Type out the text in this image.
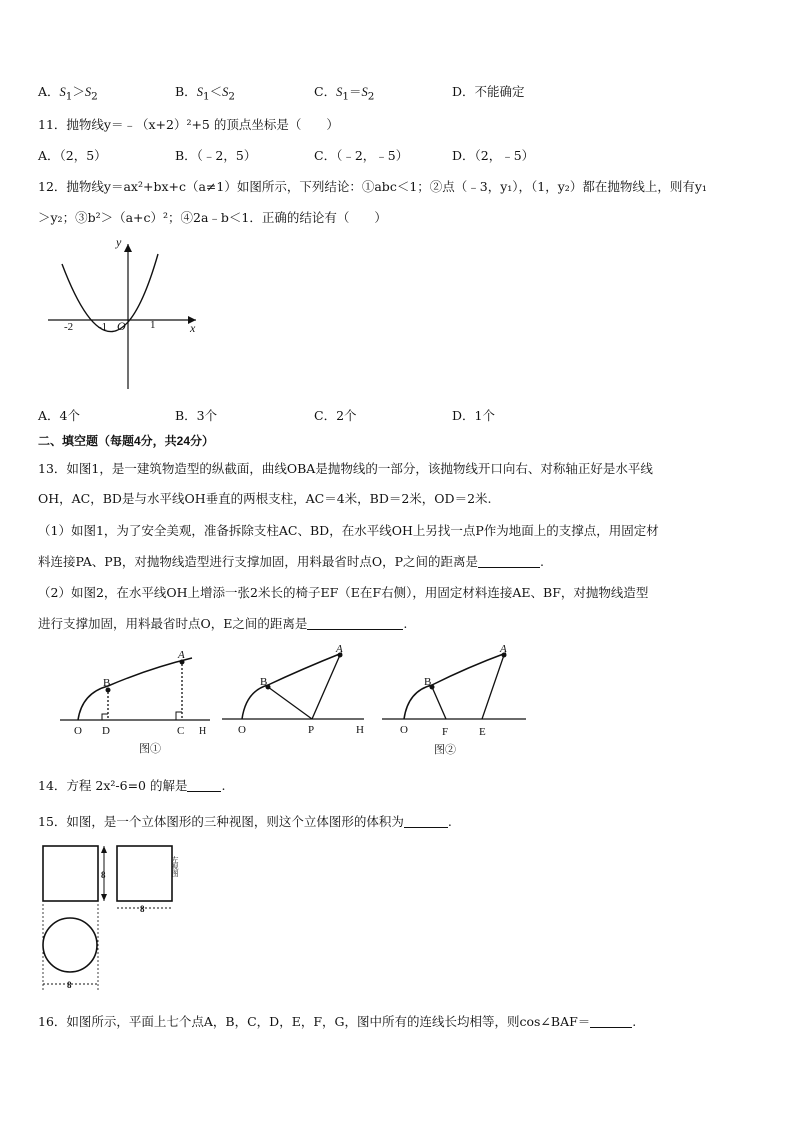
A．$S_1>S_2$	B．$S_1<S_2$	C．$S_1=S_2$	D．不能确定
11．抛物线y＝﹣（x+2）²+5 的顶点坐标是（　　）
A．（2，5）	B．（﹣2，5）	C．（﹣2，﹣5）	D．（2，﹣5）
12．抛物线y＝ax²+bx+c（a≠1）如图所示，下列结论：①abc＜1；②点（﹣3，y₁），（1，y₂）都在抛物线上，则有y₁
＞y₂；③b²＞（a+c）²；④2a﹣b＜1．正确的结论有（　　）
y
x
O
-2 -1	1
A．4个	B．3个	C．2个	D．1个
二、填空题（每题4分，共24分）
13．如图1，是一建筑物造型的纵截面，曲线OBA是抛物线的一部分，该抛物线开口向右、对称轴正好是水平线
OH，AC，BD是与水平线OH垂直的两根支柱，AC＝4米，BD＝2米，OD＝2米.
（1）如图1，为了安全美观，准备拆除支柱AC、BD，在水平线OH上另找一点P作为地面上的支撑点，用固定材
料连接PA、PB，对抛物线造型进行支撑加固，用料最省时点O，P之间的距离是	.
（2）如图2，在水平线OH上增添一张2米长的椅子EF（E在F右侧），用固定材料连接AE、BF，对抛物线造型
进行支撑加固，用料最省时点O，E之间的距离是	.
A
B
O D	C H
图①
A
B
O	P	H
A
B
O	F	E
图②
14．方程 2x²-6=0 的解是	.
15．如图，是一个立体图形的三种视图，则这个立体图形的体积为	.
8
8
8
左视图
16．如图所示，平面上七个点A，B，C，D，E，F，G，图中所有的连线长均相等，则cos∠BAF＝	.
